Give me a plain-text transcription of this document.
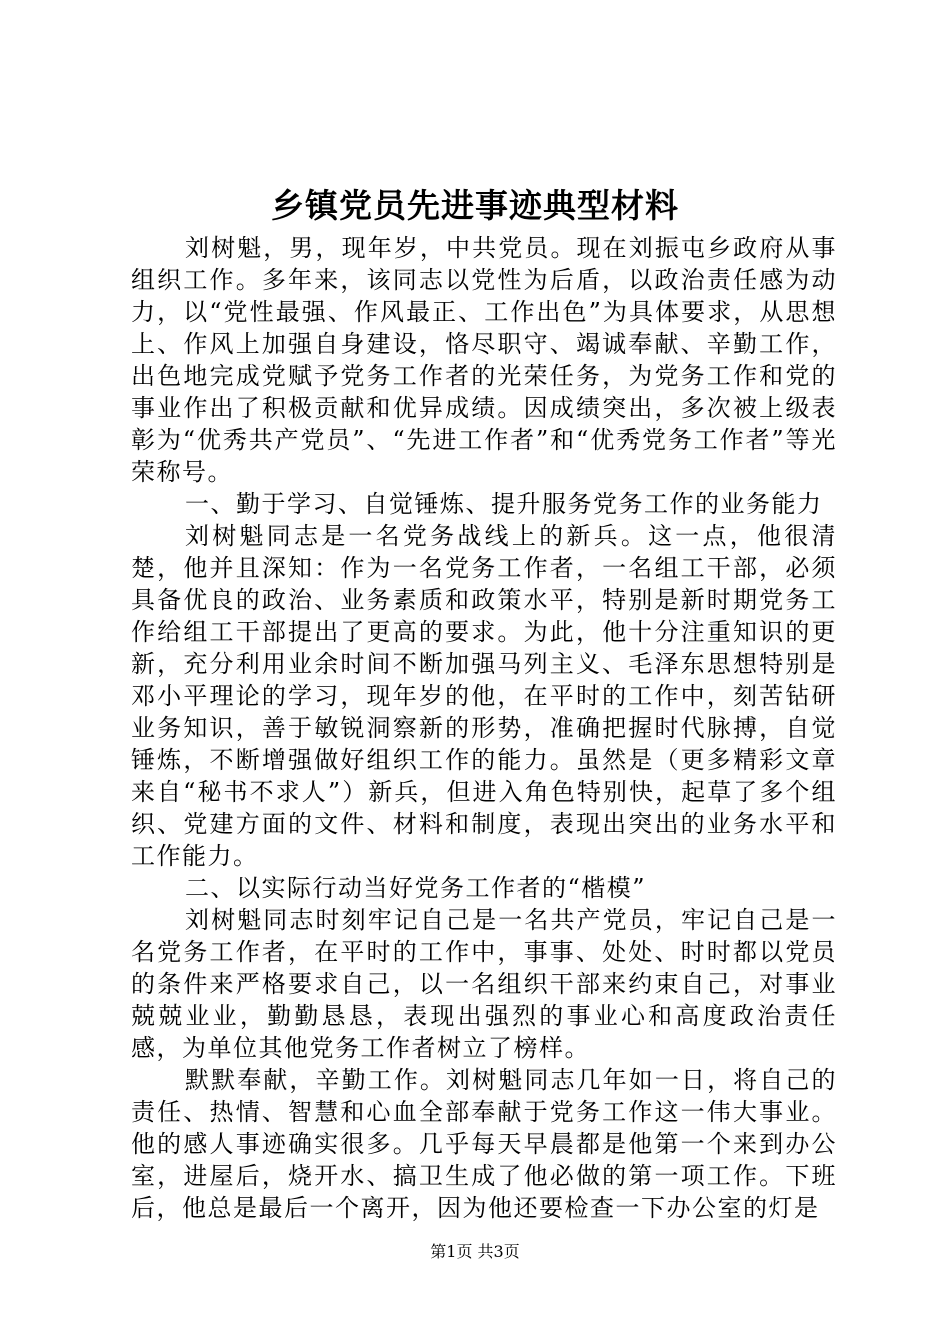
乡镇党员先进事迹典型材料

刘树魁，男，现年岁，中共党员。现在刘振屯乡政府从事组织工作。多年来，该同志以党性为后盾，以政治责任感为动力，以“党性最强、作风最正、工作出色”为具体要求，从思想上、作风上加强自身建设，恪尽职守、竭诚奉献、辛勤工作，出色地完成党赋予党务工作者的光荣任务，为党务工作和党的事业作出了积极贡献和优异成绩。因成绩突出，多次被上级表彰为“优秀共产党员”、“先进工作者”和“优秀党务工作者”等光荣称号。

一、勤于学习、自觉锤炼、提升服务党务工作的业务能力

刘树魁同志是一名党务战线上的新兵。这一点，他很清楚，他并且深知：作为一名党务工作者，一名组工干部，必须具备优良的政治、业务素质和政策水平，特别是新时期党务工作给组工干部提出了更高的要求。为此，他十分注重知识的更新，充分利用业余时间不断加强马列主义、毛泽东思想特别是邓小平理论的学习，现年岁的他，在平时的工作中，刻苦钻研业务知识，善于敏锐洞察新的形势，准确把握时代脉搏，自觉锤炼，不断增强做好组织工作的能力。虽然是（更多精彩文章来自“秘书不求人”）新兵，但进入角色特别快，起草了多个组织、党建方面的文件、材料和制度，表现出突出的业务水平和工作能力。

二、以实际行动当好党务工作者的“楷模”

刘树魁同志时刻牢记自己是一名共产党员，牢记自己是一名党务工作者，在平时的工作中，事事、处处、时时都以党员的条件来严格要求自己，以一名组织干部来约束自己，对事业兢兢业业，勤勤恳恳，表现出强烈的事业心和高度政治责任感，为单位其他党务工作者树立了榜样。

默默奉献，辛勤工作。刘树魁同志几年如一日，将自己的责任、热情、智慧和心血全部奉献于党务工作这一伟大事业。他的感人事迹确实很多。几乎每天早晨都是他第一个来到办公室，进屋后，烧开水、搞卫生成了他必做的第一项工作。下班后，他总是最后一个离开，因为他还要检查一下办公室的灯是

第1页 共3页
